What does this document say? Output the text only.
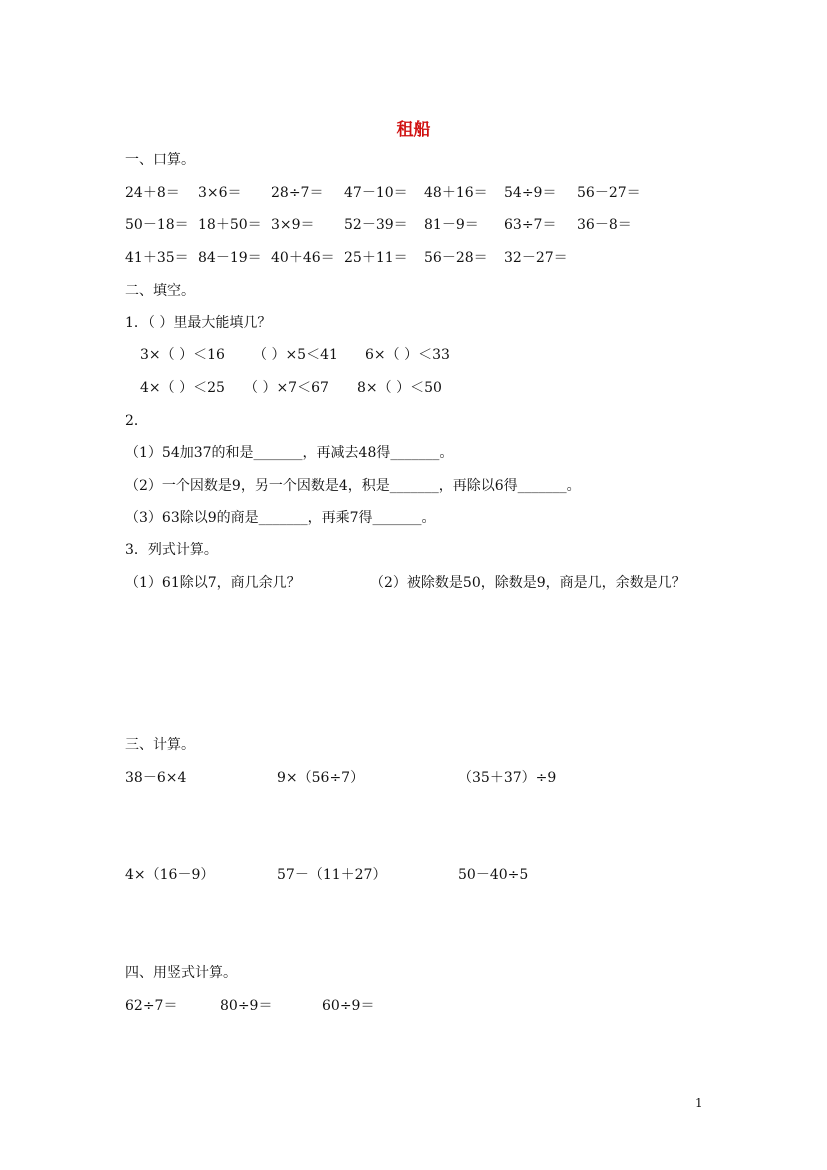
租船
一、口算。
24＋8＝ 3×6＝ 28÷7＝ 47－10＝ 48＋16＝ 54÷9＝ 56－27＝
50－18＝ 18＋50＝ 3×9＝ 52－39＝ 81－9＝ 63÷7＝ 36－8＝
41＋35＝ 84－19＝ 40＋46＝ 25＋11＝ 56－28＝ 32－27＝
二、填空。
1．（ ）里最大能填几？
3×（ ）＜16 （ ）×5＜41 6×（ ）＜33
4×（ ）＜25 （ ）×7＜67 8×（ ）＜50
2．
（1）54加37的和是_______，再减去48得_______。
（2）一个因数是9，另一个因数是4，积是_______，再除以6得_______。
（3）63除以9的商是_______，再乘7得_______。
3．列式计算。
（1）61除以7，商几余几？	（2）被除数是50，除数是9，商是几，余数是几？
三、计算。
38－6×4	9×（56÷7）	（35＋37）÷9
4×（16－9）	57－（11＋27）	50－40÷5
四、用竖式计算。
62÷7＝	80÷9＝	60÷9＝
1
